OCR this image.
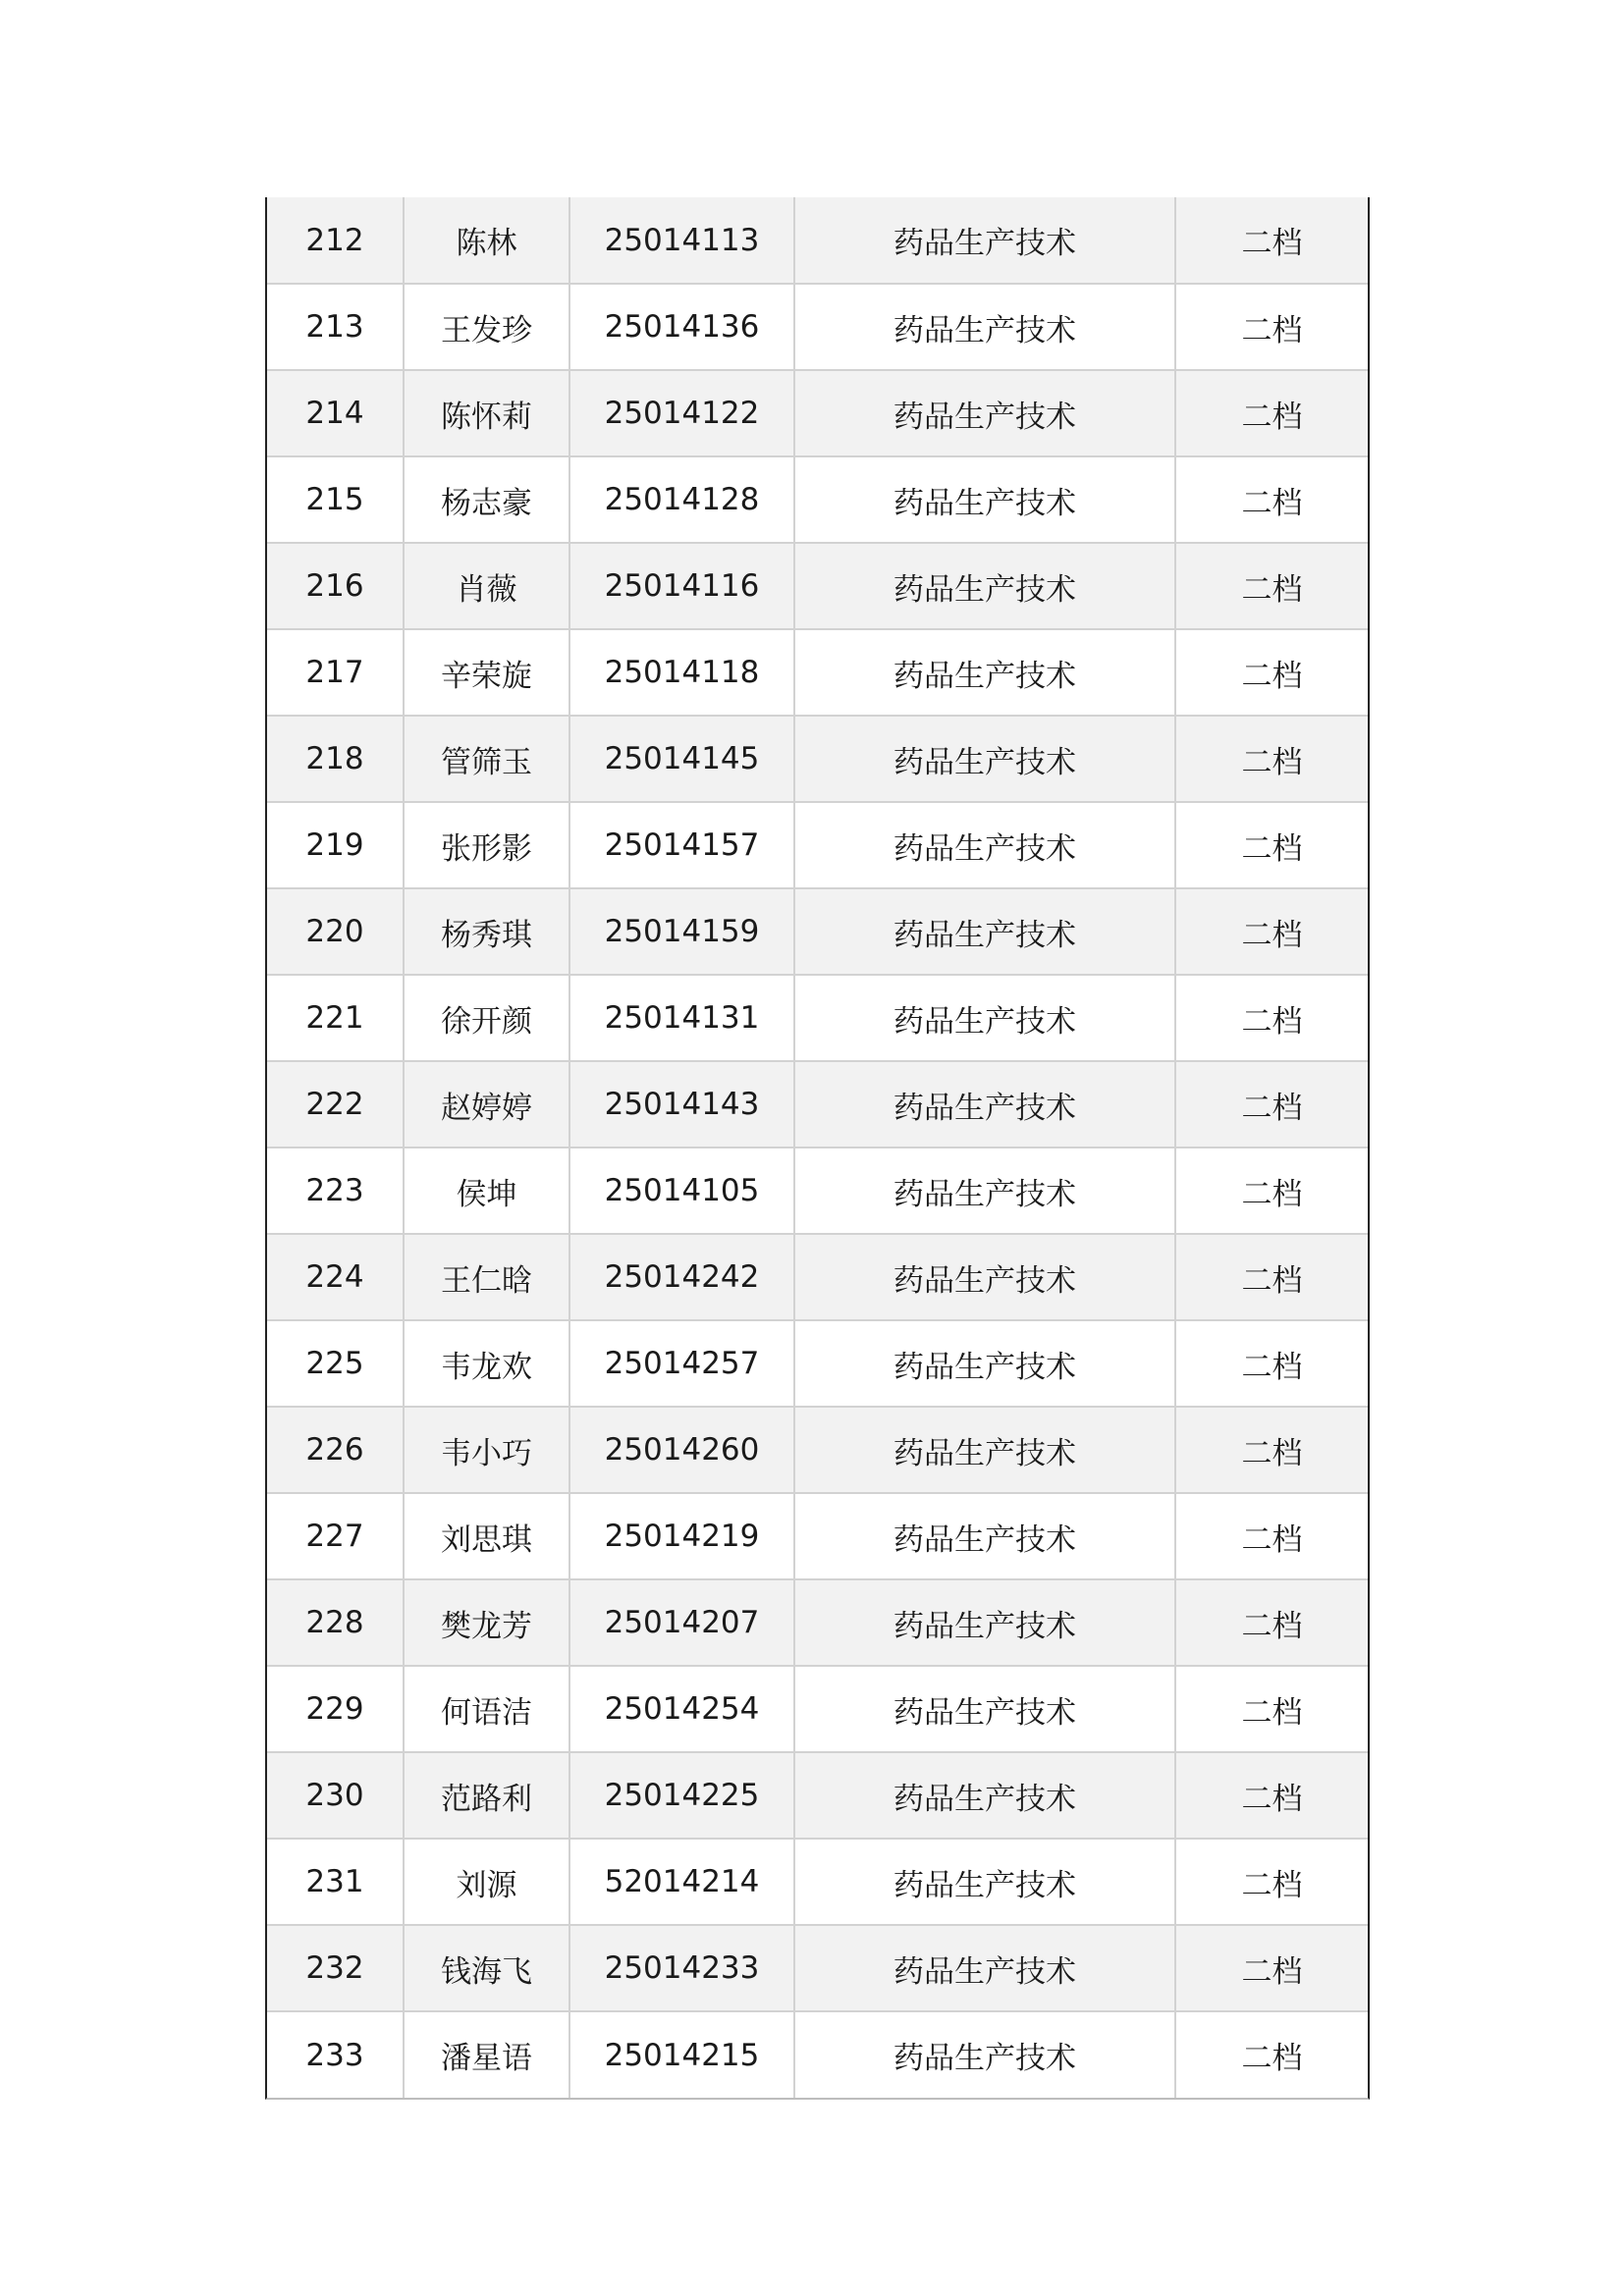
212	陈林	25014113	药品生产技术	二档
213	王发珍	25014136	药品生产技术	二档
214	陈怀莉	25014122	药品生产技术	二档
215	杨志豪	25014128	药品生产技术	二档
216	肖薇	25014116	药品生产技术	二档
217	辛荣旋	25014118	药品生产技术	二档
218	管筛玉	25014145	药品生产技术	二档
219	张形影	25014157	药品生产技术	二档
220	杨秀琪	25014159	药品生产技术	二档
221	徐开颜	25014131	药品生产技术	二档
222	赵婷婷	25014143	药品生产技术	二档
223	侯坤	25014105	药品生产技术	二档
224	王仁晗	25014242	药品生产技术	二档
225	韦龙欢	25014257	药品生产技术	二档
226	韦小巧	25014260	药品生产技术	二档
227	刘思琪	25014219	药品生产技术	二档
228	樊龙芳	25014207	药品生产技术	二档
229	何语洁	25014254	药品生产技术	二档
230	范路利	25014225	药品生产技术	二档
231	刘源	52014214	药品生产技术	二档
232	钱海飞	25014233	药品生产技术	二档
233	潘星语	25014215	药品生产技术	二档
